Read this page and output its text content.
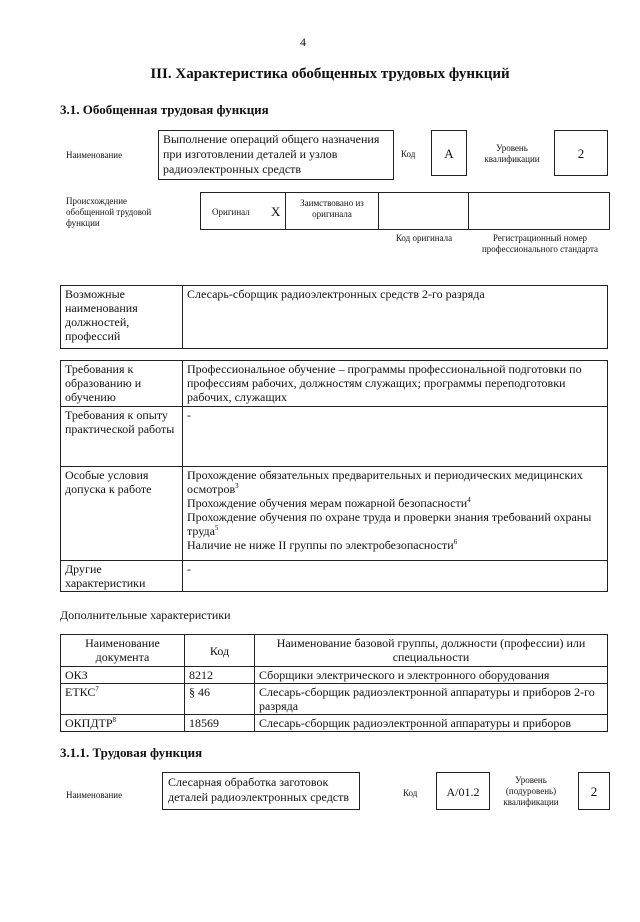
4
III. Характеристика обобщенных трудовых функций
3.1. Обобщенная трудовая функция
Наименование
Выполнение операций общего назначения при изготовлении деталей и узлов радиоэлектронных средств
Код	A	Уровень квалификации	2
Происхождение обобщенной трудовой функции
Оригинал X
Заимствовано из оригинала
Код оригинала	Регистрационный номер профессионального стандарта
Возможные наименования должностей, профессий	Слесарь-сборщик радиоэлектронных средств 2-го разряда
Требования к образованию и обучению	Профессиональное обучение – программы профессиональной подготовки по профессиям рабочих, должностям служащих; программы переподготовки рабочих, служащих
Требования к опыту практической работы	-
Особые условия допуска к работе	Прохождение обязательных предварительных и периодических медицинских осмотров$^3$
Прохождение обучения мерам пожарной безопасности$^4$
Прохождение обучения по охране труда и проверки знания требований охраны труда$^5$
Наличие не ниже II группы по электробезопасности$^6$

Другие характеристики	-
Дополнительные характеристики
Наименование документа	Код	Наименование базовой группы, должности (профессии) или специальности
ОКЗ	8212	Сборщики электрического и электронного оборудования
ЕТКС$^7$	§ 46	Слесарь-сборщик радиоэлектронной аппаратуры и приборов 2-го разряда
ОКПДТР$^8$	18569	Слесарь-сборщик радиоэлектронной аппаратуры и приборов
3.1.1. Трудовая функция
Наименование
Слесарная обработка заготовок деталей радиоэлектронных средств	Код	A/01.2
Уровень (подуровень) квалификации
2
